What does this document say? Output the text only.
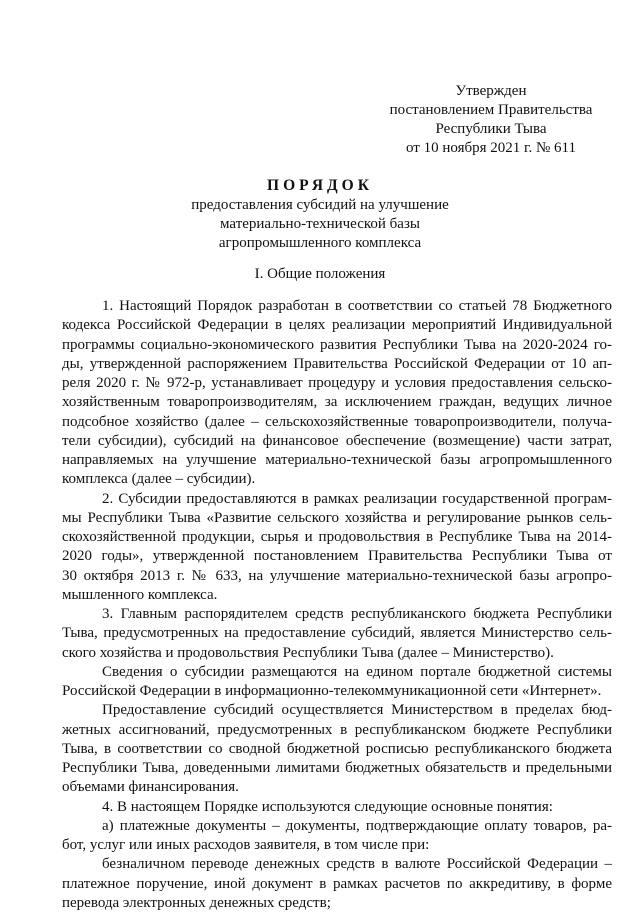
Утвержден
постановлением Правительства
Республики Тыва
от 10 ноября 2021 г. № 611
ПОРЯДОК
предоставления субсидий на улучшение
материально-технической базы
агропромышленного комплекса
I. Общие положения

1. Настоящий Порядок разработан в соответствии со статьей 78 Бюджетного
кодекса Российской Федерации в целях реализации мероприятий Индивидуальной
программы социально-экономического развития Республики Тыва на 2020-2024 го-
ды, утвержденной распоряжением Правительства Российской Федерации от 10 ап-
реля 2020 г. № 972-р, устанавливает процедуру и условия предоставления сельско-
хозяйственным товаропроизводителям, за исключением граждан, ведущих личное
подсобное хозяйство (далее – сельскохозяйственные товаропроизводители, получа-
тели субсидии), субсидий на финансовое обеспечение (возмещение) части затрат,
направляемых на улучшение материально-технической базы агропромышленного
комплекса (далее – субсидии).

2. Субсидии предоставляются в рамках реализации государственной програм-
мы Республики Тыва «Развитие сельского хозяйства и регулирование рынков сель-
скохозяйственной продукции, сырья и продовольствия в Республике Тыва на 2014-
2020 годы», утвержденной постановлением Правительства Республики Тыва от
30 октября 2013 г. № 633, на улучшение материально-технической базы агропро-
мышленного комплекса.

3. Главным распорядителем средств республиканского бюджета Республики
Тыва, предусмотренных на предоставление субсидий, является Министерство сель-
ского хозяйства и продовольствия Республики Тыва (далее – Министерство).

Сведения о субсидии размещаются на едином портале бюджетной системы
Российской Федерации в информационно-телекоммуникационной сети «Интернет».

Предоставление субсидий осуществляется Министерством в пределах бюд-
жетных ассигнований, предусмотренных в республиканском бюджете Республики
Тыва, в соответствии со сводной бюджетной росписью республиканского бюджета
Республики Тыва, доведенными лимитами бюджетных обязательств и предельными
объемами финансирования.

4. В настоящем Порядке используются следующие основные понятия:

а) платежные документы – документы, подтверждающие оплату товаров, ра-
бот, услуг или иных расходов заявителя, в том числе при:

безналичном переводе денежных средств в валюте Российской Федерации –
платежное поручение, иной документ в рамках расчетов по аккредитиву, в форме
перевода электронных денежных средств;
